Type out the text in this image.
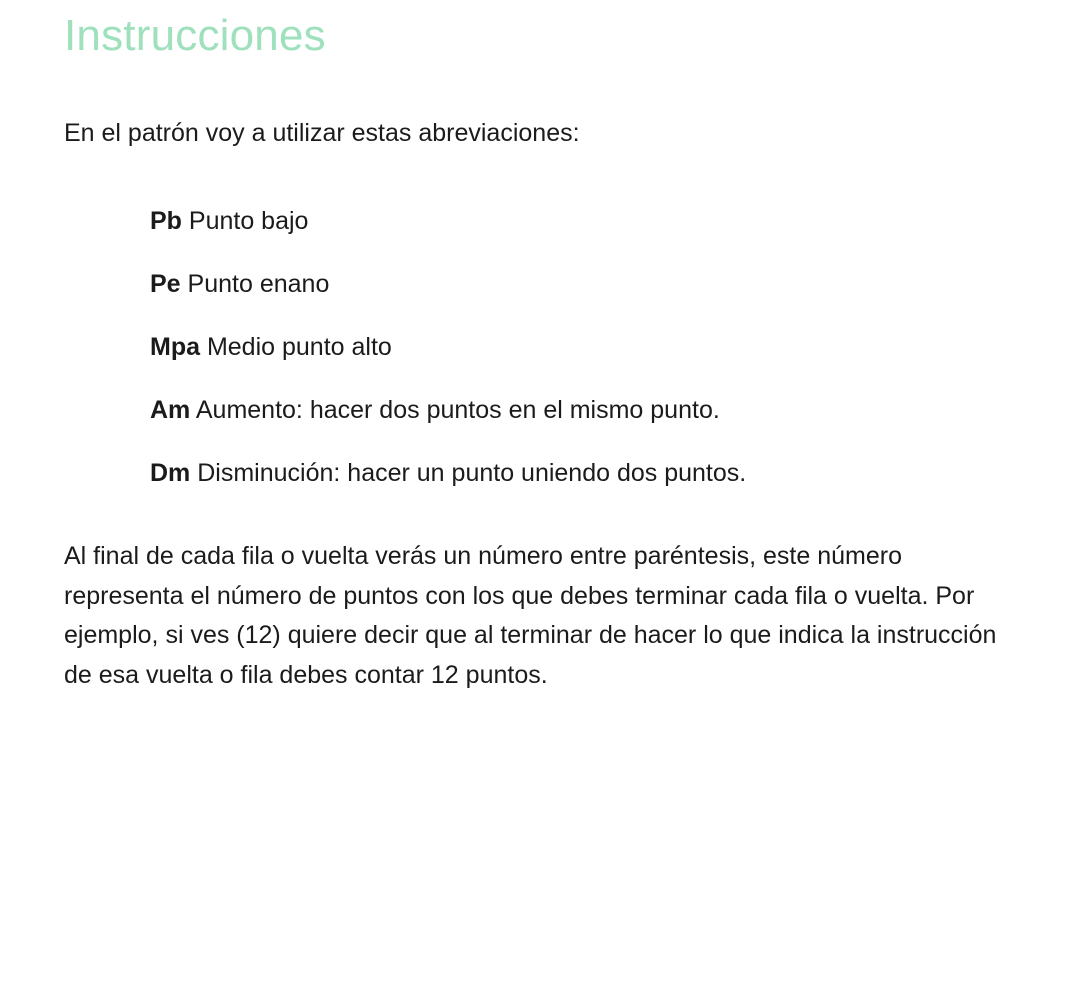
Instrucciones

En el patrón voy a utilizar estas abreviaciones:

Pb Punto bajo
Pe Punto enano
Mpa Medio punto alto
Am Aumento: hacer dos puntos en el mismo punto.
Dm Disminución: hacer un punto uniendo dos puntos.

Al final de cada fila o vuelta verás un número entre paréntesis, este número representa el número de puntos con los que debes terminar cada fila o vuelta. Por ejemplo, si ves (12) quiere decir que al terminar de hacer lo que indica la instrucción de esa vuelta o fila debes contar 12 puntos.
